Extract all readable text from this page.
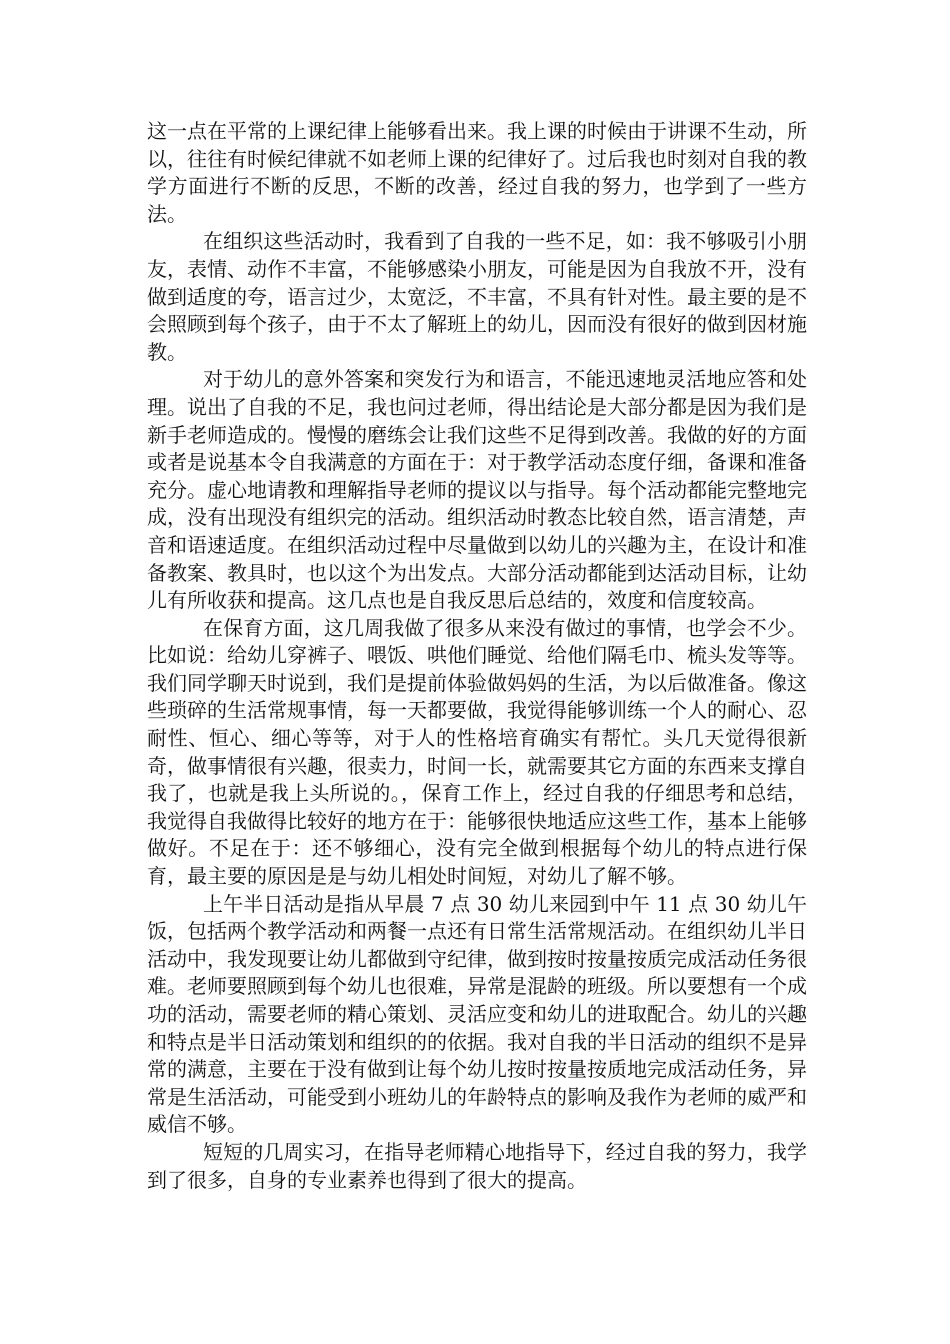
这一点在平常的上课纪律上能够看出来。我上课的时候由于讲课不生动，所以，往往有时候纪律就不如老师上课的纪律好了。过后我也时刻对自我的教学方面进行不断的反思，不断的改善，经过自我的努力，也学到了一些方法。

在组织这些活动时，我看到了自我的一些不足，如：我不够吸引小朋友，表情、动作不丰富，不能够感染小朋友，可能是因为自我放不开，没有做到适度的夸，语言过少，太宽泛，不丰富，不具有针对性。最主要的是不会照顾到每个孩子，由于不太了解班上的幼儿，因而没有很好的做到因材施教。

对于幼儿的意外答案和突发行为和语言，不能迅速地灵活地应答和处理。说出了自我的不足，我也问过老师，得出结论是大部分都是因为我们是新手老师造成的。慢慢的磨练会让我们这些不足得到改善。我做的好的方面或者是说基本令自我满意的方面在于：对于教学活动态度仔细，备课和准备充分。虚心地请教和理解指导老师的提议以与指导。每个活动都能完整地完成，没有出现没有组织完的活动。组织活动时教态比较自然，语言清楚，声音和语速适度。在组织活动过程中尽量做到以幼儿的兴趣为主，在设计和准备教案、教具时，也以这个为出发点。大部分活动都能到达活动目标，让幼儿有所收获和提高。这几点也是自我反思后总结的，效度和信度较高。

在保育方面，这几周我做了很多从来没有做过的事情，也学会不少。比如说：给幼儿穿裤子、喂饭、哄他们睡觉、给他们隔毛巾、梳头发等等。我们同学聊天时说到，我们是提前体验做妈妈的生活，为以后做准备。像这些琐碎的生活常规事情，每一天都要做，我觉得能够训练一个人的耐心、忍耐性、恒心、细心等等，对于人的性格培育确实有帮忙。头几天觉得很新奇，做事情很有兴趣，很卖力，时间一长，就需要其它方面的东西来支撑自我了，也就是我上头所说的。，保育工作上，经过自我的仔细思考和总结，我觉得自我做得比较好的地方在于：能够很快地适应这些工作，基本上能够做好。不足在于：还不够细心，没有完全做到根据每个幼儿的特点进行保育，最主要的原因是是与幼儿相处时间短，对幼儿了解不够。

上午半日活动是指从早晨 7 点 30 幼儿来园到中午 11 点 30 幼儿午饭，包括两个教学活动和两餐一点还有日常生活常规活动。在组织幼儿半日活动中，我发现要让幼儿都做到守纪律，做到按时按量按质完成活动任务很难。老师要照顾到每个幼儿也很难，异常是混龄的班级。所以要想有一个成功的活动，需要老师的精心策划、灵活应变和幼儿的进取配合。幼儿的兴趣和特点是半日活动策划和组织的的依据。我对自我的半日活动的组织不是异常的满意，主要在于没有做到让每个幼儿按时按量按质地完成活动任务，异常是生活活动，可能受到小班幼儿的年龄特点的影响及我作为老师的威严和威信不够。

短短的几周实习，在指导老师精心地指导下，经过自我的努力，我学到了很多，自身的专业素养也得到了很大的提高。
